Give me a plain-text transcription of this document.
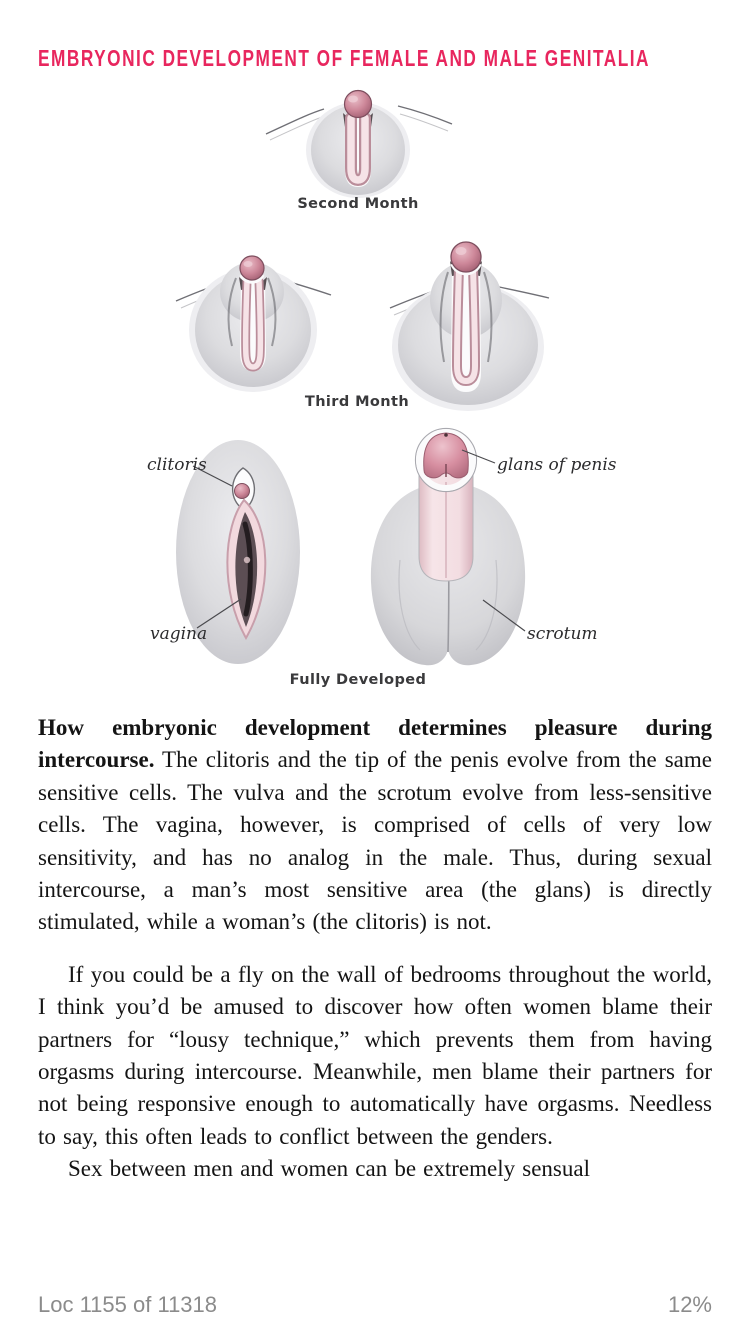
EMBRYONIC DEVELOPMENT OF FEMALE AND MALE GENITALIA
Second Month
Third Month
clitoris
vagina
glans of penis
scrotum
Fully Developed

How embryonic development determines pleasure during intercourse. The clitoris and the tip of the penis evolve from the same sensitive cells. The vulva and the scrotum evolve from less-sensitive cells. The vagina, however, is comprised of cells of very low sensitivity, and has no analog in the male. Thus, during sexual intercourse, a man’s most sensitive area (the glans) is directly stimulated, while a woman’s (the clitoris) is not.

If you could be a fly on the wall of bedrooms throughout the world, I think you’d be amused to discover how often women blame their partners for “lousy technique,” which prevents them from having orgasms during intercourse. Meanwhile, men blame their partners for not being responsive enough to automatically have orgasms. Needless to say, this often leads to conflict between the genders.

Sex between men and women can be extremely sensual

Loc 1155 of 11318	12%
